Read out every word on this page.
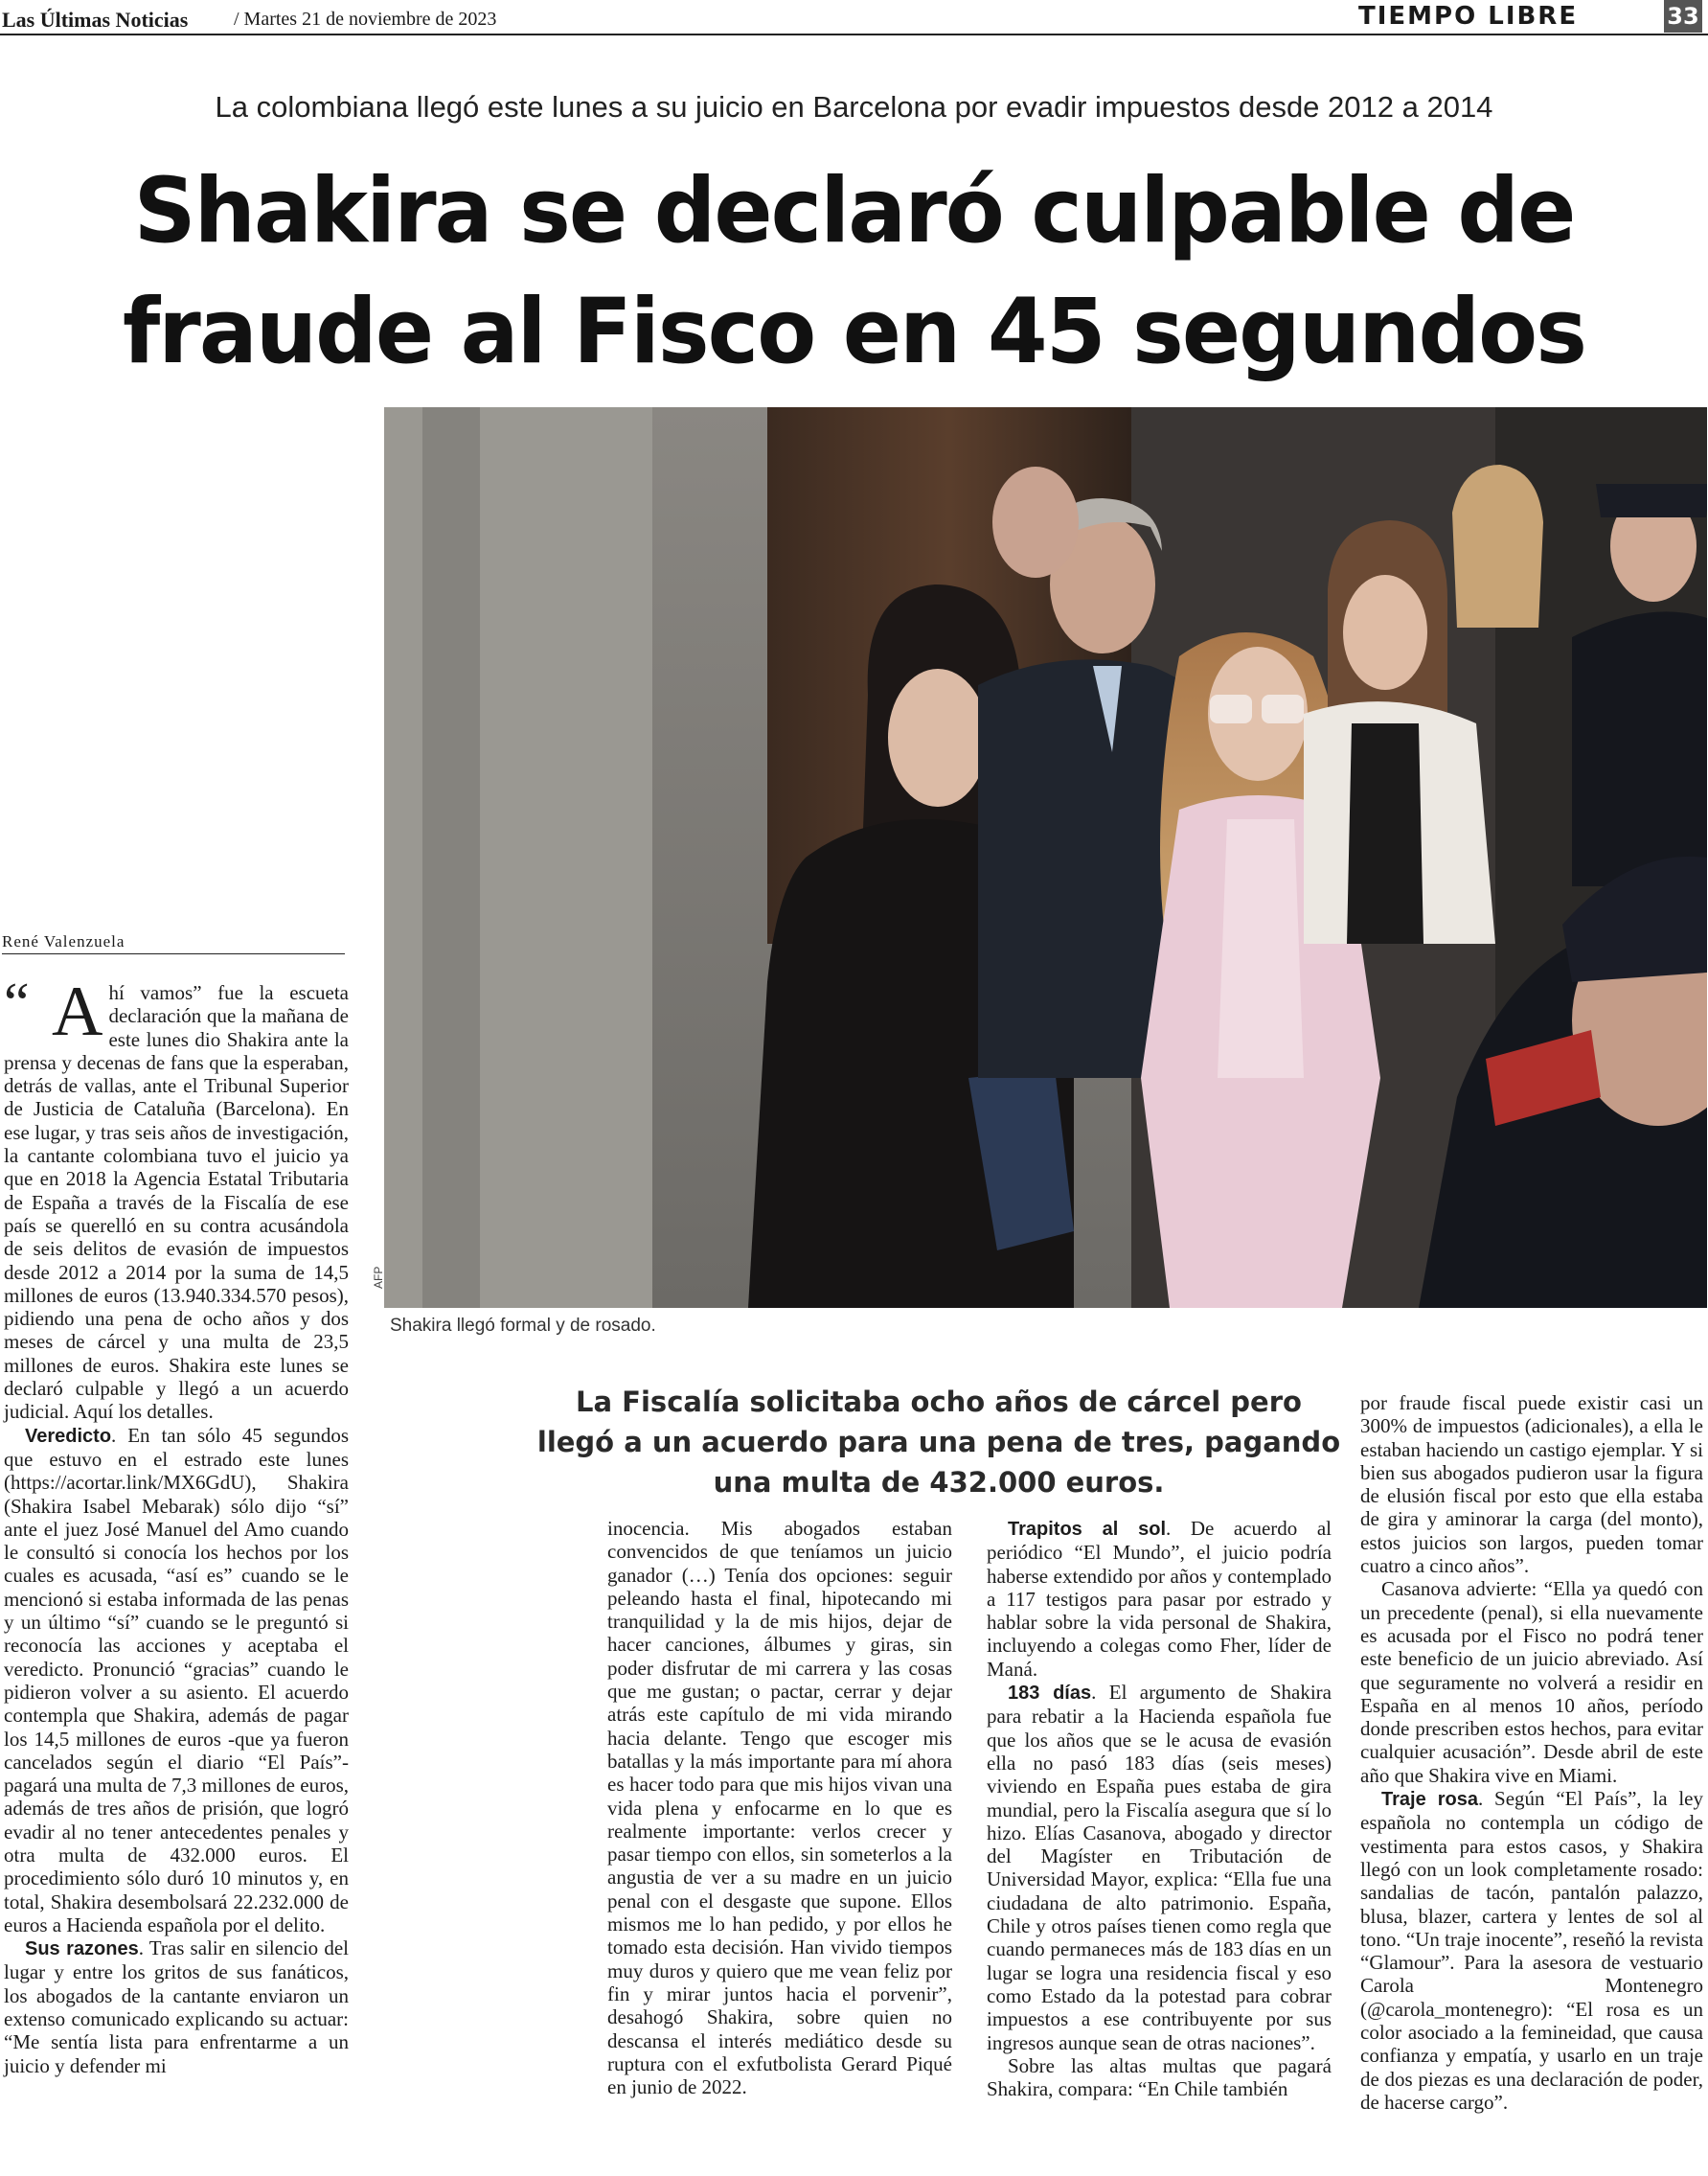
Las Últimas Noticias / Martes 21 de noviembre de 2023	TIEMPO LIBRE	33
La colombiana llegó este lunes a su juicio en Barcelona por evadir impuestos desde 2012 a 2014
Shakira se declaró culpable de
fraude al Fisco en 45 segundos
AFP
Shakira llegó formal y de rosado.
René Valenzuela
“ A hí vamos” fue la escueta declaración que la mañana de este lunes dio Shakira ante la prensa y decenas de fans que la esperaban, detrás de vallas, ante el Tribunal Superior de Justicia de Cataluña (Barcelona). En ese lugar, y tras seis años de investigación, la cantante colombiana tuvo el juicio ya que en 2018 la Agencia Estatal Tributaria de España a través de la Fiscalía de ese país se querelló en su contra acusándola de seis delitos de evasión de impuestos desde 2012 a 2014 por la suma de 14,5 millones de euros (13.940.334.570 pesos), pidiendo una pena de ocho años y dos meses de cárcel y una multa de 23,5 millones de euros. Shakira este lunes se declaró culpable y llegó a un acuerdo judicial. Aquí los detalles.

Veredicto. En tan sólo 45 segundos que estuvo en el estrado este lunes (https://acortar.link/MX6GdU), Shakira (Shakira Isabel Mebarak) sólo dijo “sí” ante el juez José Manuel del Amo cuando le consultó si conocía los hechos por los cuales es acusada, “así es” cuando se le mencionó si estaba informada de las penas y un último “sí” cuando se le preguntó si reconocía las acciones y aceptaba el veredicto. Pronunció “gracias” cuando le pidieron volver a su asiento. El acuerdo contempla que Shakira, además de pagar los 14,5 millones de euros -que ya fueron cancelados según el diario “El País”- pagará una multa de 7,3 millones de euros, además de tres años de prisión, que logró evadir al no tener antecedentes penales y otra multa de 432.000 euros. El procedimiento sólo duró 10 minutos y, en total, Shakira desembolsará 22.232.000 de euros a Hacienda española por el delito.

Sus razones. Tras salir en silencio del lugar y entre los gritos de sus fanáticos, los abogados de la cantante enviaron un extenso comunicado explicando su actuar: “Me sentía lista para enfrentarme a un juicio y defender mi

La Fiscalía solicitaba ocho años de cárcel pero llegó a un acuerdo para una pena de tres, pagando una multa de 432.000 euros.

inocencia. Mis abogados estaban convencidos de que teníamos un juicio ganador (…) Tenía dos opciones: seguir peleando hasta el final, hipotecando mi tranquilidad y la de mis hijos, dejar de hacer canciones, álbumes y giras, sin poder disfrutar de mi carrera y las cosas que me gustan; o pactar, cerrar y dejar atrás este capítulo de mi vida mirando hacia delante. Tengo que escoger mis batallas y la más importante para mí ahora es hacer todo para que mis hijos vivan una vida plena y enfocarme en lo que es realmente importante: verlos crecer y pasar tiempo con ellos, sin someterlos a la angustia de ver a su madre en un juicio penal con el desgaste que supone. Ellos mismos me lo han pedido, y por ellos he tomado esta decisión. Han vivido tiempos muy duros y quiero que me vean feliz por fin y mirar juntos hacia el porvenir”, desahogó Shakira, sobre quien no descansa el interés mediático desde su ruptura con el exfutbolista Gerard Piqué en junio de 2022.

Trapitos al sol. De acuerdo al periódico “El Mundo”, el juicio podría haberse extendido por años y contemplado a 117 testigos para pasar por estrado y hablar sobre la vida personal de Shakira, incluyendo a colegas como Fher, líder de Maná.

183 días. El argumento de Shakira para rebatir a la Hacienda española fue que los años que se le acusa de evasión ella no pasó 183 días (seis meses) viviendo en España pues estaba de gira mundial, pero la Fiscalía asegura que sí lo hizo. Elías Casanova, abogado y director del Magíster en Tributación de Universidad Mayor, explica: “Ella fue una ciudadana de alto patrimonio. España, Chile y otros países tienen como regla que cuando permaneces más de 183 días en un lugar se logra una residencia fiscal y eso como Estado da la potestad para cobrar impuestos a ese contribuyente por sus ingresos aunque sean de otras naciones”.

Sobre las altas multas que pagará Shakira, compara: “En Chile también

por fraude fiscal puede existir casi un 300% de impuestos (adicionales), a ella le estaban haciendo un castigo ejemplar. Y si bien sus abogados pudieron usar la figura de elusión fiscal por esto que ella estaba de gira y aminorar la carga (del monto), estos juicios son largos, pueden tomar cuatro a cinco años”.

Casanova advierte: “Ella ya quedó con un precedente (penal), si ella nuevamente es acusada por el Fisco no podrá tener este beneficio de un juicio abreviado. Así que seguramente no volverá a residir en España en al menos 10 años, período donde prescriben estos hechos, para evitar cualquier acusación”. Desde abril de este año que Shakira vive en Miami.

Traje rosa. Según “El País”, la ley española no contempla un código de vestimenta para estos casos, y Shakira llegó con un look completamente rosado: sandalias de tacón, pantalón palazzo, blusa, blazer, cartera y lentes de sol al tono. “Un traje inocente”, reseñó la revista “Glamour”. Para la asesora de vestuario Carola Montenegro (@carola_montenegro): “El rosa es un color asociado a la femineidad, que causa confianza y empatía, y usarlo en un traje de dos piezas es una declaración de poder, de hacerse cargo”.
